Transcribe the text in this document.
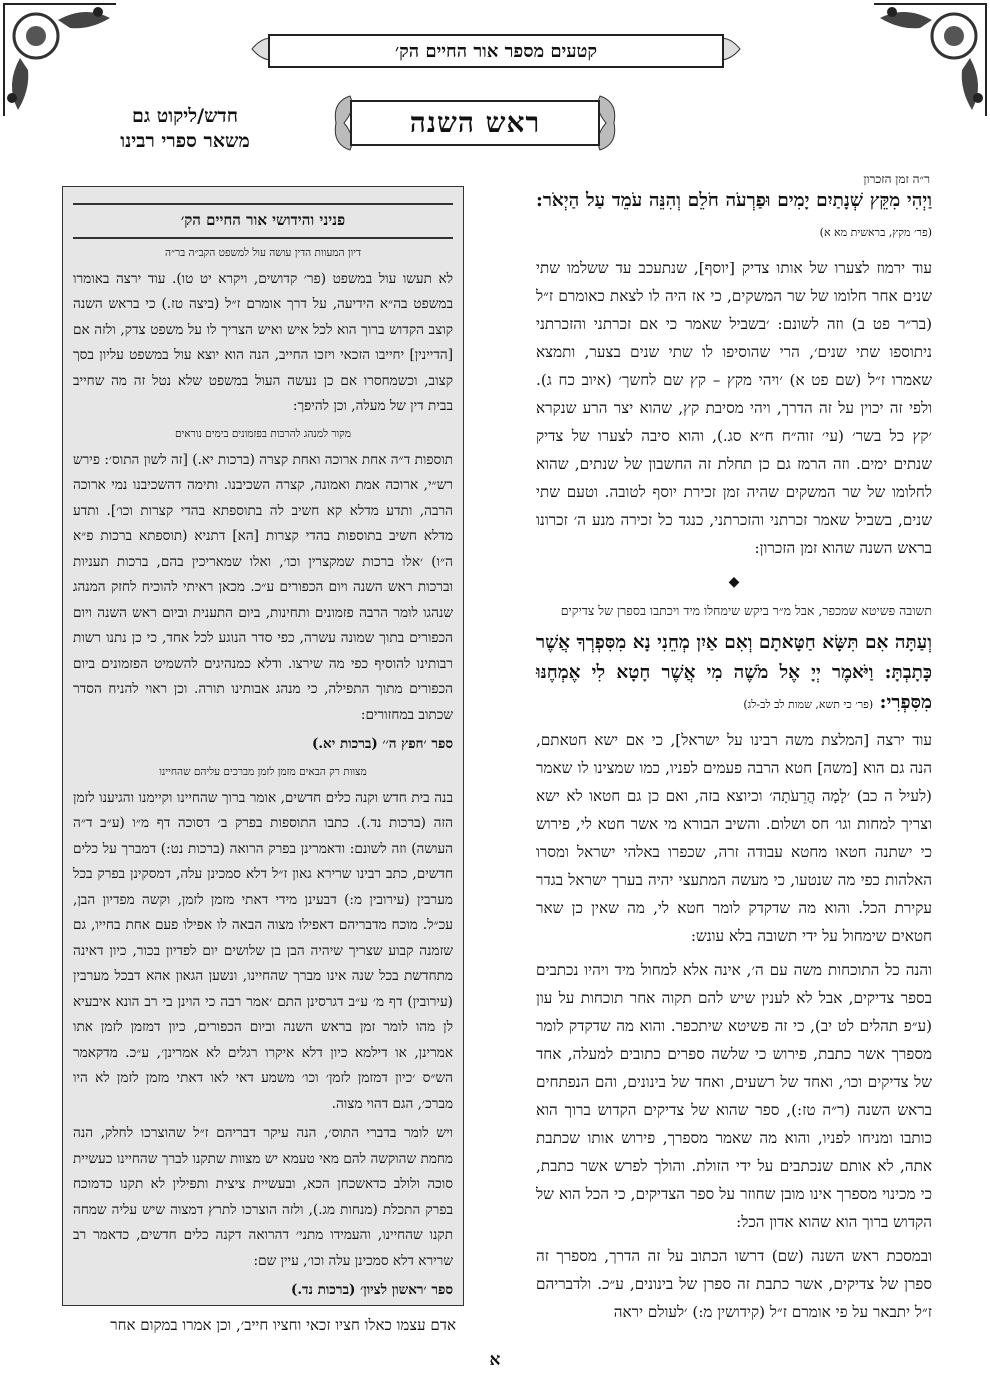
קטעים מספר אור החיים הק׳
ראש השנה
חדש/ליקוט גם
משאר ספרי רבינו
ר״ה זמן הזכרון

וַיְהִי מִקֵּץ שְׁנָתַיִם יָמִים וּפַרְעֹה חֹלֵם וְהִנֵּה עֹמֵד עַל הַיְאֹר: (פר׳ מקץ, בראשית מא א)

עוד ירמוז לצערו של אותו צדיק [יוסף], שנתעכב עד ששלמו שתי שנים אחר חלומו של שר המשקים, כי אז היה לו לצאת כאומרם ז״ל (בר״ר פט ב) וזה לשונם: ׳בשביל שאמר כי אם זכרתני והזכרתני ניתוספו שתי שנים׳, הרי שהוסיפו לו שתי שנים בצער, ותמצא שאמרו ז״ל (שם פט א) ׳ויהי מקץ – קץ שם לחשך׳ (איוב כח ג). ולפי זה יכוין על זה הדרך, ויהי מסיבת קץ, שהוא יצר הרע שנקרא ׳קץ כל בשר׳ (עי׳ זוה״ח ח״א סג.), והוא סיבה לצערו של צדיק שנתים ימים. וזה הרמז גם כן תחלת זה החשבון של שנתים, שהוא לחלומו של שר המשקים שהיה זמן זכירת יוסף לטובה. וטעם שתי שנים, בשביל שאמר זכרתני והזכרתני, כנגד כל זכירה מנע ה׳ זכרונו בראש השנה שהוא זמן הזכרון:

◆
תשובה פשיטא שמכפר, אבל מ״ר ביקש שימחלו מיד ויכתבו בספרן של צדיקים

וְעַתָּה אִם תִּשָּׂא חַטָּאתָם וְאִם אַיִן מְחֵנִי נָא מִסִּפְרְךָ אֲשֶׁר כָּתָבְתָּ: וַיֹּאמֶר יְיָ אֶל מֹשֶׁה מִי אֲשֶׁר חָטָא לִי אֶמְחֶנּוּ מִסִּפְרִי: (פר׳ כי תשא, שמות לב לב-לג)

עוד ירצה [המלצת משה רבינו על ישראל], כי אם ישא חטאתם, הנה גם הוא [משה] חטא הרבה פעמים לפניו, כמו שמצינו לו שאמר (לעיל ה כב) ׳לָמָה הֲרֵעֹתָה׳ וכיוצא בזה, ואם כן גם חטאו לא ישא וצריך למחות וגו׳ חס ושלום. והשיב הבורא מי אשר חטא לי, פירוש כי ישתנה חטאו מחטא עבודה זרה, שכפרו באלהי ישראל ומסרו האלהות כפי מה שנטעו, כי מעשה המתעצי יהיה בערך ישראל בגדר עקירת הכל. והוא מה שדקדק לומר חטא לי, מה שאין כן שאר חטאים שימחול על ידי תשובה בלא עונש:

והנה כל התוכחות משה עם ה׳, אינה אלא למחול מיד ויהיו נכתבים בספר צדיקים, אבל לא לענין שיש להם תקוה אחר תוכחות על עון (ע״פ תהלים לט יב), כי זה פשיטא שיתכפר. והוא מה שדקדק לומר מספרך אשר כתבת, פירוש כי שלשה ספרים כתובים למעלה, אחד של צדיקים וכו׳, ואחד של רשעים, ואחד של בינונים, והם הנפתחים בראש השנה (ר״ה טז:), ספר שהוא של צדיקים הקדוש ברוך הוא כותבו ומניחו לפניו, והוא מה שאמר מספרך, פירוש אותו שכתבת אתה, לא אותם שנכתבים על ידי הזולת. והולך לפרש אשר כתבת, כי מכינוי מספרך אינו מובן שחוזר על ספר הצדיקים, כי הכל הוא של הקדוש ברוך הוא שהוא אדון הכל:

ובמסכת ראש השנה (שם) דרשו הכתוב על זה הדרך, מספרך זה ספרן של צדיקים, אשר כתבת זה ספרן של בינונים, ע״כ. ולדבריהם ז״ל יתבאר על פי אומרם ז״ל (קידושין מ:) ׳לעולם יראה

פניני והידושי אור החיים הק׳
דיון המעוות הדין עושה עול למשפט הקב״ה בר״ה

לא תעשו עול במשפט (פר׳ קדושים, ויקרא יט טו). עוד ירצה באומרו במשפט בה״א הידיעה, על דרך אומרם ז״ל (ביצה טז.) כי בראש השנה קוצב הקדוש ברוך הוא לכל איש ואיש הצריך לו על משפט צדק, ולזה אם [הדיינין] יחייבו הזכאי ויזכו החייב, הנה הוא יוצא עול במשפט עליון בסך קצוב, וכשמחסרו אם כן נעשה העול במשפט שלא נטל זה מה שחייב בבית דין של מעלה, וכן להיפך:

מקור למנהג להרבות בפזמונים בימים נוראים

תוספות ד״ה אחת ארוכה ואחת קצרה (ברכות יא.) [זה לשון התוס׳: פירש רש״י, ארוכה אמת ואמונה, קצרה השכיבנו. ותימה דהשכיבנו נמי ארוכה הרבה, ותדע מדלא קא חשיב לה בתוספתא בהדי קצרות וכו׳]. ותדע מדלא חשיב בתוספות בהדי קצרות [הא] דתניא (תוספתא ברכות פ״א ה״ו) ׳אלו ברכות שמקצרין וכו׳, ואלו שמאריכין בהם, ברכות תעניות וברכות ראש השנה ויום הכפורים ע״כ. מכאן ראיתי להוכיח לחזק המנהג שנהגו לומר הרבה פזמונים ותחינות, ביום התענית וביום ראש השנה ויום הכפורים בתוך שמונה עשרה, כפי סדר הנוגע לכל אחד, כי כן נתנו רשות רבותינו להוסיף כפי מה שירצו. ודלא כמנהיגים להשמיט הפזמונים ביום הכפורים מתוך התפילה, כי מנהג אבותינו תורה. וכן ראוי להניח הסדר שכתוב במחזורים:

ספר ׳חפץ ה׳׳ (ברכות יא.)
מצוות רק הבאים מזמן לזמן מברכים עליהם שהחיינו

בנה בית חדש וקנה כלים חדשים, אומר ברוך שהחיינו וקיימנו והגיענו לזמן הזה (ברכות נד.). כתבו התוספות בפרק ב׳ דסוכה דף מ״ו (ע״ב ד״ה העושה) וזה לשונם: ודאמרינן בפרק הרואה (ברכות נט:) דמברך על כלים חדשים, כתב רבינו שרירא גאון ז״ל דלא סמכינן עלה, דמסקינן בפרק בכל מערבין (עירובין מ:) דבעינן מידי דאתי מזמן לזמן, וקשה מפדיון הבן, עכ״ל. מוכח מדבריהם דאפילו מצוה הבאה לו אפילו פעם אחת בחייו, גם שזמנה קבוע שצריך שיהיה הבן בן שלושים יום לפדיון בכור, כיון דאינה מתחדשת בכל שנה אינו מברך שהחיינו, ונשען הגאון אהא דבכל מערבין (עירובין) דף מ׳ ע״ב דגרסינן התם ׳אמר רבה כי הוינן בי רב הונא איבעיא לן מהו לומר זמן בראש השנה וביום הכפורים, כיון דמזמן לזמן אתו אמרינן, או דילמא כיון דלא איקרו רגלים לא אמרינן׳, ע״כ. מדקאמר הש״ס ׳כיון דמזמן לזמן׳ וכו׳ משמע דאי לאו דאתי מזמן לזמן לא היו מברכ׳, הגם דהוי מצוה.

ויש לומר בדברי התוס׳, הנה עיקר דבריהם ז״ל שהוצרכו לחלק, הנה מחמת שהוקשה להם מאי טעמא יש מצוות שתקנו לברך שהחיינו כעשיית סוכה ולולב כדאשכחן הכא, ובעשיית ציצית ותפילין לא תקנו כדמוכח בפרק התכלת (מנחות מג.), ולזה הוצרכו לתרץ דמצוה שיש עליה שמחה תקנו שהחיינו, והעמידו מתני׳ דהרואה דקנה כלים חדשים, כדאמר רב שרירא דלא סמכינן עלה וכו׳, עיין שם:

ספר ׳ראשון לציון׳ (ברכות נד.)
אדם עצמו כאלו חציו זכאי וחציו חייב׳, וכן אמרו במקום אחר
א
